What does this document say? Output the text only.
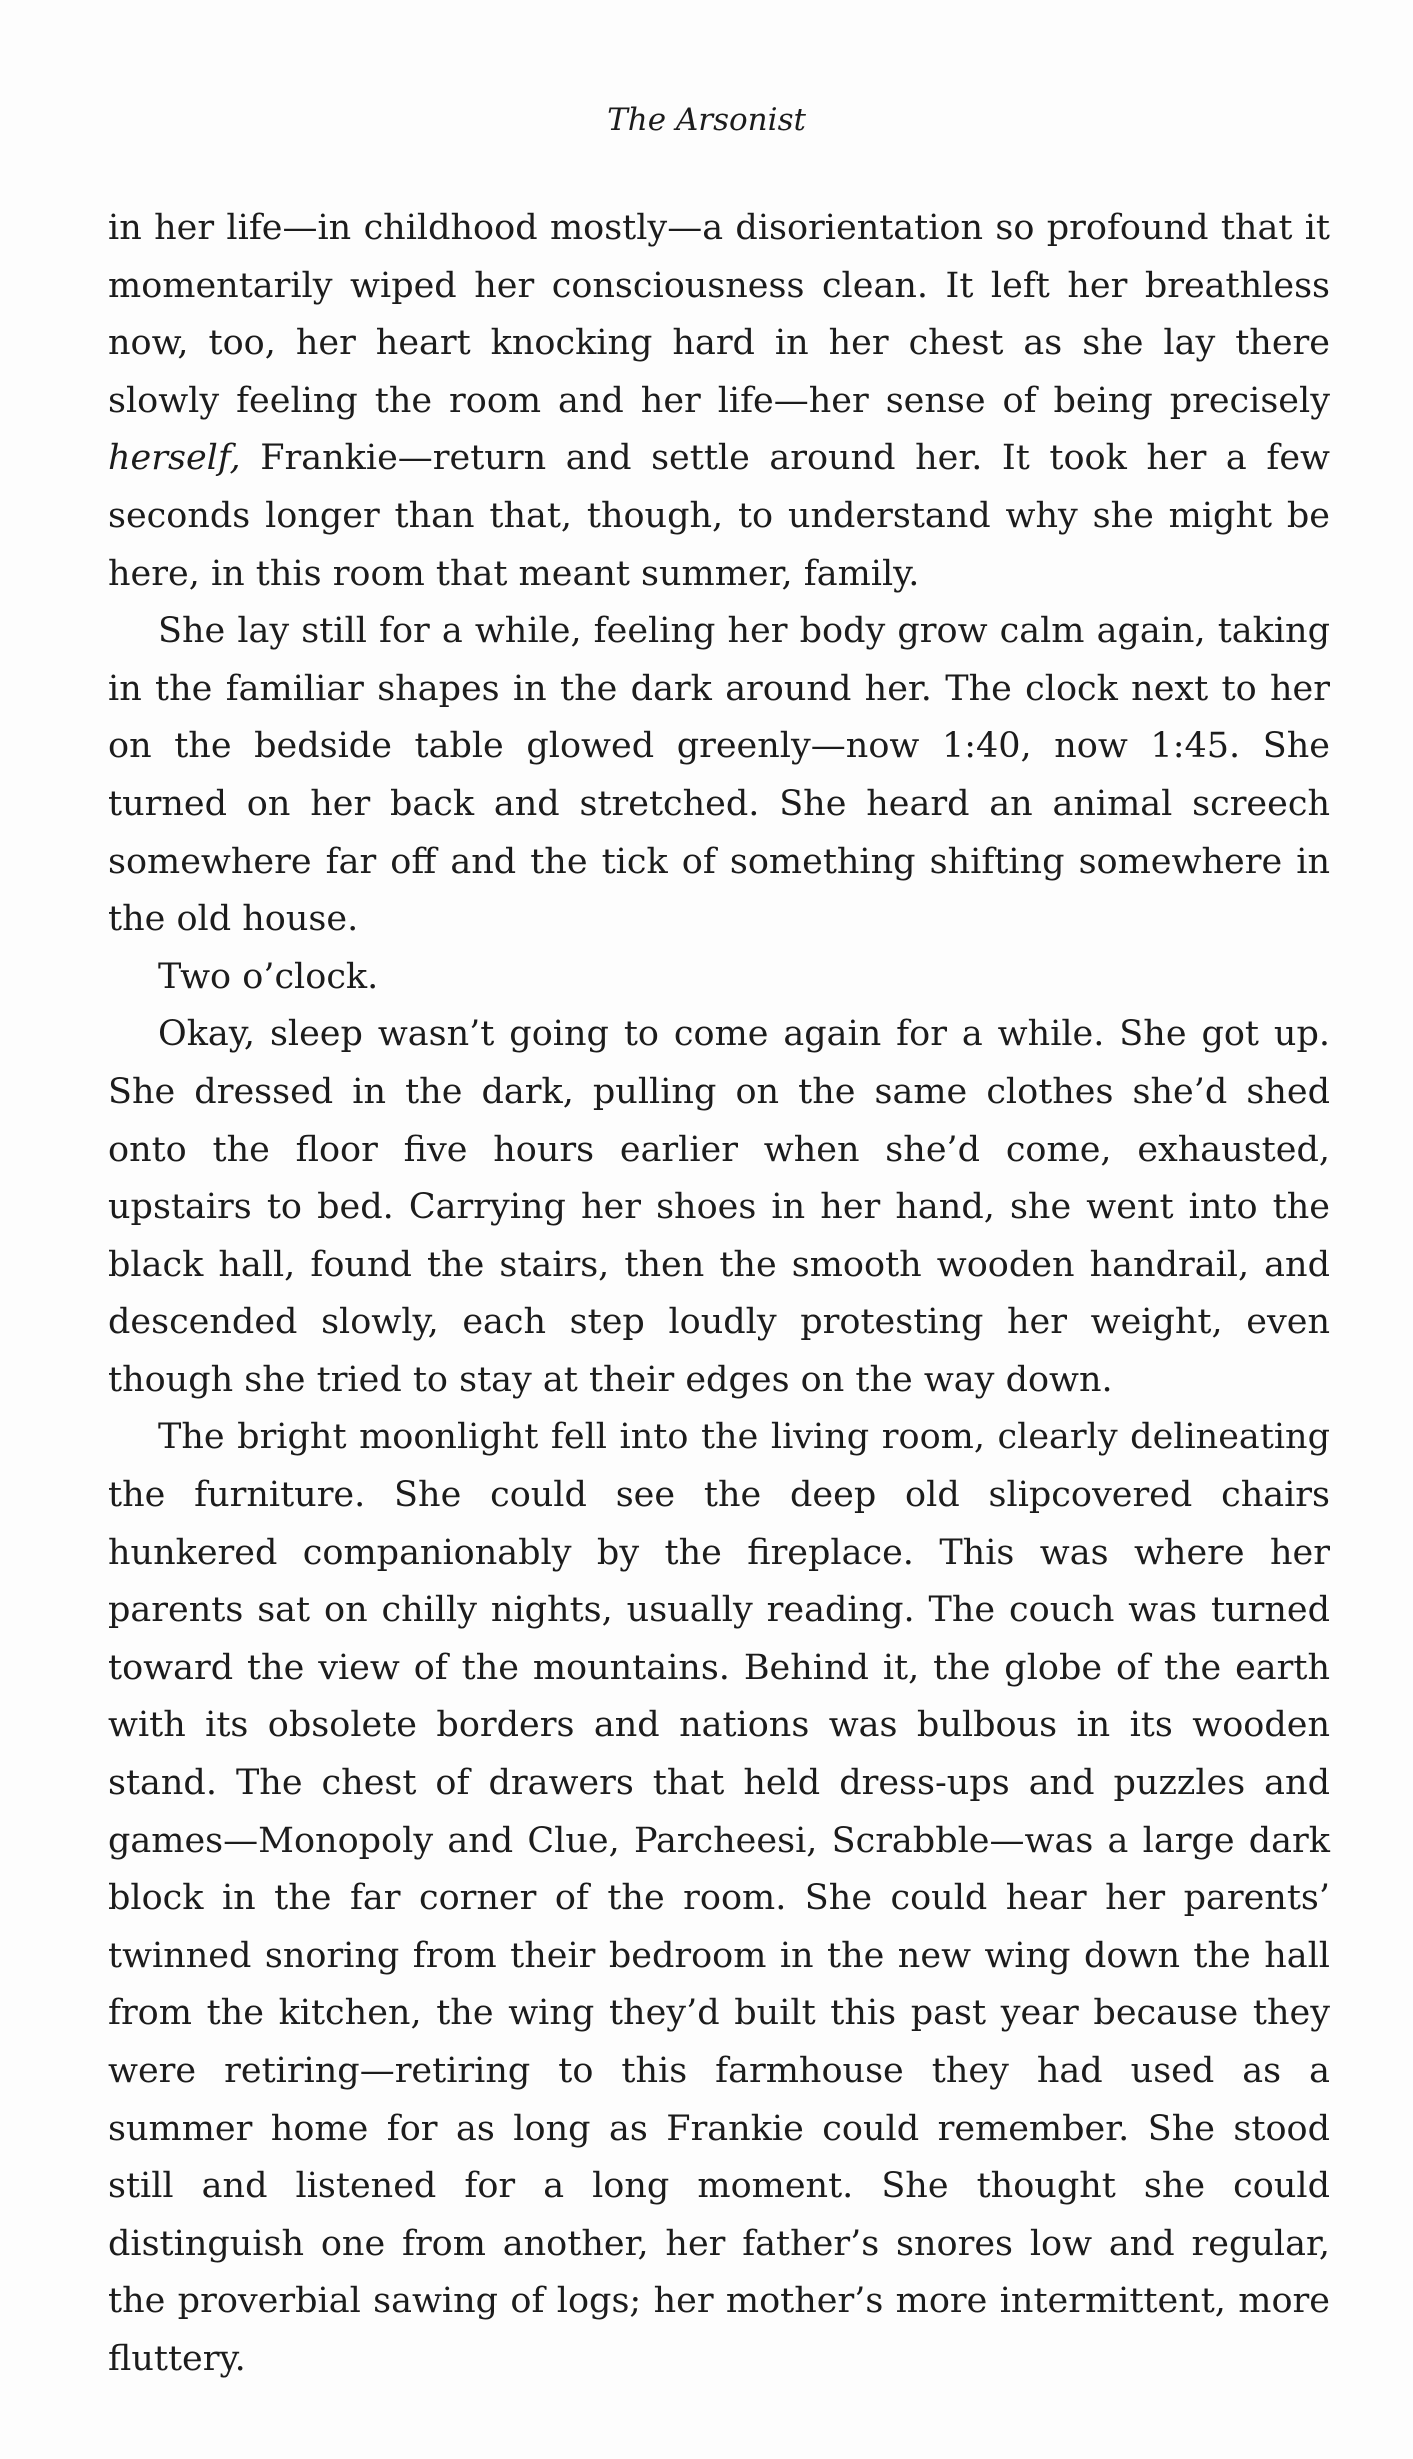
The Arsonist

in her life—in childhood mostly—a disorientation so profound that it momentarily wiped her consciousness clean. It left her breathless now, too, her heart knocking hard in her chest as she lay there slowly feeling the room and her life—her sense of being precisely herself, Frankie—return and settle around her. It took her a few seconds longer than that, though, to understand why she might be here, in this room that meant summer, family.

She lay still for a while, feeling her body grow calm again, taking in the familiar shapes in the dark around her. The clock next to her on the bedside table glowed greenly—now 1:40, now 1:45. She turned on her back and stretched. She heard an animal screech somewhere far off and the tick of something shifting somewhere in the old house.

Two o’clock.

Okay, sleep wasn’t going to come again for a while. She got up. She dressed in the dark, pulling on the same clothes she’d shed onto the floor five hours earlier when she’d come, exhausted, upstairs to bed. Carrying her shoes in her hand, she went into the black hall, found the stairs, then the smooth wooden handrail, and descended slowly, each step loudly protesting her weight, even though she tried to stay at their edges on the way down.

The bright moonlight fell into the living room, clearly delineating the furniture. She could see the deep old slipcovered chairs hunkered companionably by the fireplace. This was where her parents sat on chilly nights, usually reading. The couch was turned toward the view of the mountains. Behind it, the globe of the earth with its obsolete borders and nations was bulbous in its wooden stand. The chest of drawers that held dress-ups and puzzles and games—Monopoly and Clue, Parcheesi, Scrabble—was a large dark block in the far corner of the room. She could hear her parents’ twinned snoring from their bedroom in the new wing down the hall from the kitchen, the wing they’d built this past year because they were retiring—retiring to this farmhouse they had used as a summer home for as long as Frankie could remember. She stood still and listened for a long moment. She thought she could distinguish one from another, her father’s snores low and regular, the proverbial sawing of logs; her mother’s more intermittent, more fluttery.
